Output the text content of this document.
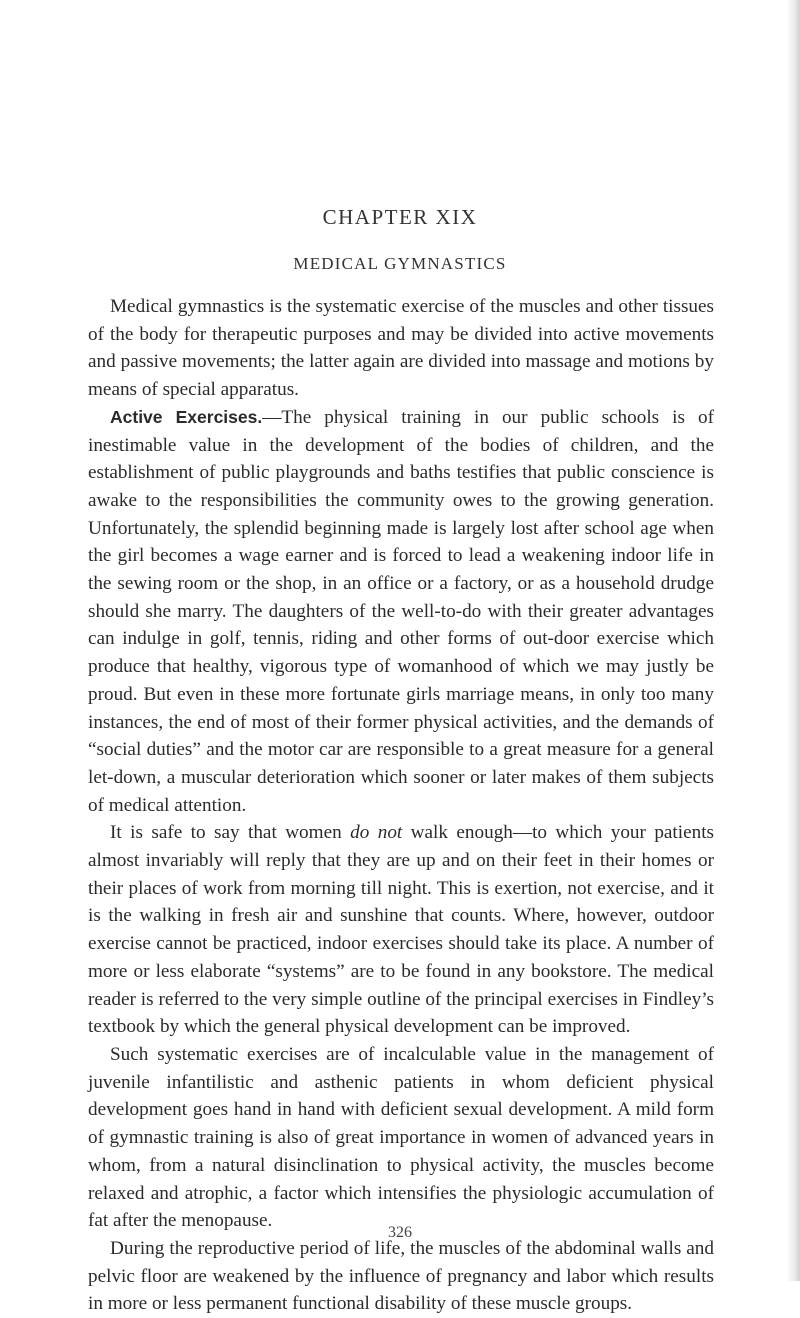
CHAPTER XIX
MEDICAL GYMNASTICS

Medical gymnastics is the systematic exercise of the muscles and other tissues of the body for therapeutic purposes and may be divided into active movements and passive movements; the latter again are divided into massage and motions by means of special apparatus.

Active Exercises.—The physical training in our public schools is of inestimable value in the development of the bodies of children, and the establishment of public playgrounds and baths testifies that public conscience is awake to the responsibilities the community owes to the growing generation. Unfortunately, the splendid beginning made is largely lost after school age when the girl becomes a wage earner and is forced to lead a weakening indoor life in the sewing room or the shop, in an office or a factory, or as a household drudge should she marry. The daughters of the well-to-do with their greater advantages can indulge in golf, tennis, riding and other forms of out-door exercise which produce that healthy, vigorous type of womanhood of which we may justly be proud. But even in these more fortunate girls marriage means, in only too many instances, the end of most of their former physical activities, and the demands of “social duties” and the motor car are responsible to a great measure for a general let-down, a muscular deterioration which sooner or later makes of them subjects of medical attention.

It is safe to say that women do not walk enough—to which your patients almost invariably will reply that they are up and on their feet in their homes or their places of work from morning till night. This is exertion, not exercise, and it is the walking in fresh air and sunshine that counts. Where, however, outdoor exercise cannot be practiced, indoor exercises should take its place. A number of more or less elaborate “systems” are to be found in any bookstore. The medical reader is referred to the very simple outline of the principal exercises in Findley’s textbook by which the general physical development can be improved.

Such systematic exercises are of incalculable value in the management of juvenile infantilistic and asthenic patients in whom deficient physical development goes hand in hand with deficient sexual development. A mild form of gymnastic training is also of great importance in women of advanced years in whom, from a natural disinclination to physical activity, the muscles become relaxed and atrophic, a factor which intensifies the physiologic accumulation of fat after the menopause.

During the reproductive period of life, the muscles of the abdominal walls and pelvic floor are weakened by the influence of pregnancy and labor which results in more or less permanent functional disability of these muscle groups.

326
